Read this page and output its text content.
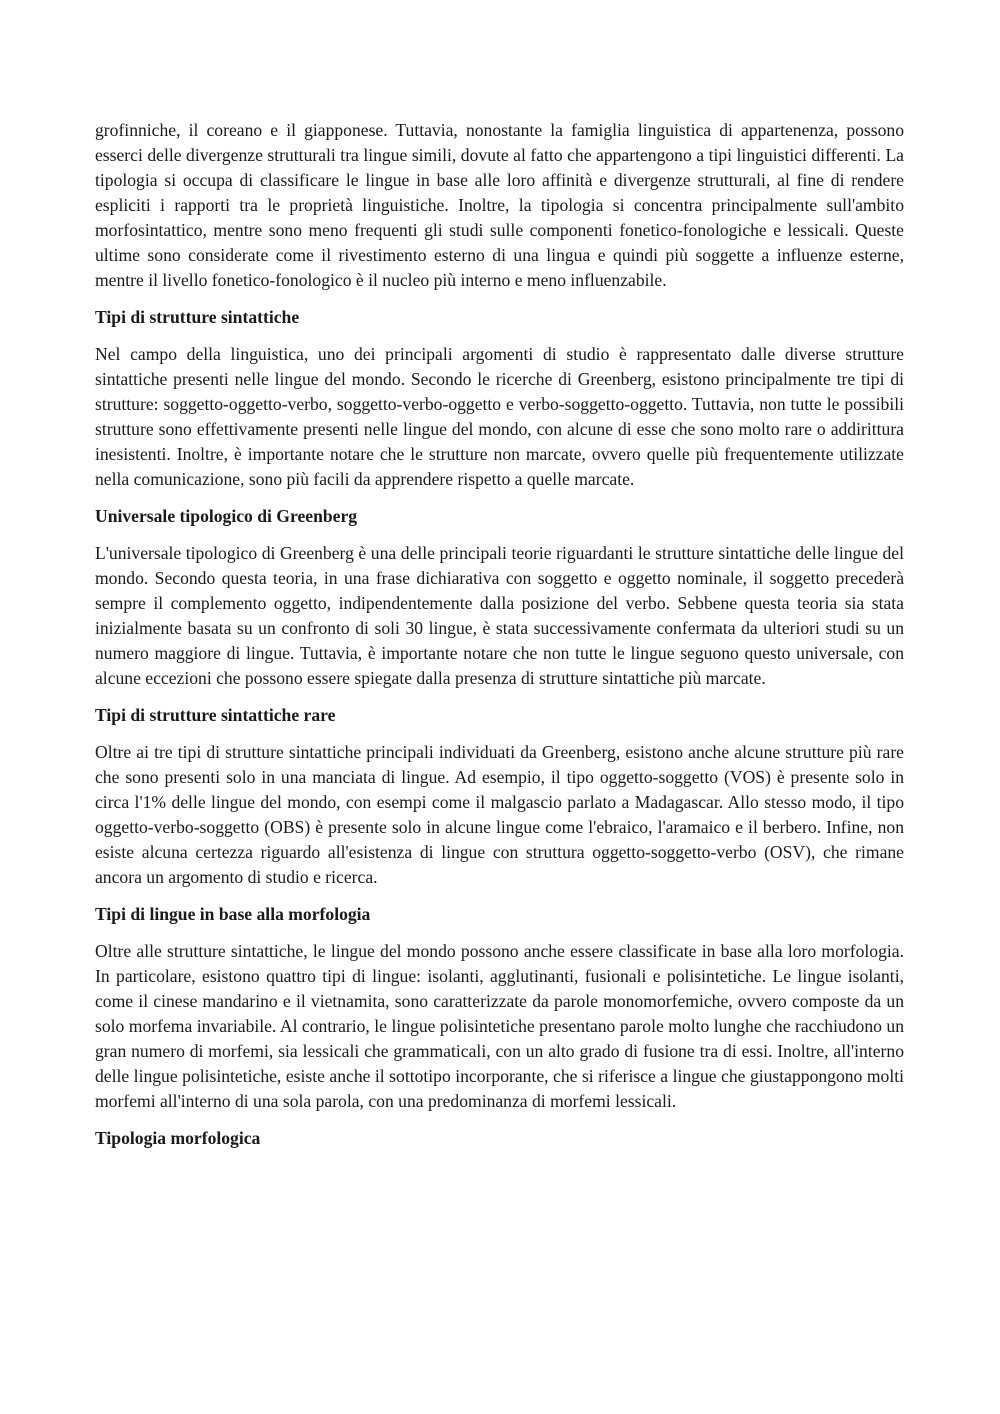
grofinniche, il coreano e il giapponese. Tuttavia, nonostante la famiglia linguistica di appartenenza, possono esserci delle divergenze strutturali tra lingue simili, dovute al fatto che appartengono a tipi linguistici differenti. La tipologia si occupa di classificare le lingue in base alle loro affinità e divergenze strutturali, al fine di rendere espliciti i rapporti tra le proprietà linguistiche. Inoltre, la tipologia si concentra principalmente sull'ambito morfosintattico, mentre sono meno frequenti gli studi sulle componenti fonetico-fonologiche e lessicali. Queste ultime sono considerate come il rivestimento esterno di una lingua e quindi più soggette a influenze esterne, mentre il livello fonetico-fonologico è il nucleo più interno e meno influenzabile.

Tipi di strutture sintattiche

Nel campo della linguistica, uno dei principali argomenti di studio è rappresentato dalle diverse strutture sintattiche presenti nelle lingue del mondo. Secondo le ricerche di Greenberg, esistono principalmente tre tipi di strutture: soggetto-oggetto-verbo, soggetto-verbo-oggetto e verbo-soggetto-oggetto. Tuttavia, non tutte le possibili strutture sono effettivamente presenti nelle lingue del mondo, con alcune di esse che sono molto rare o addirittura inesistenti. Inoltre, è importante notare che le strutture non marcate, ovvero quelle più frequentemente utilizzate nella comunicazione, sono più facili da apprendere rispetto a quelle marcate.

Universale tipologico di Greenberg

L'universale tipologico di Greenberg è una delle principali teorie riguardanti le strutture sintattiche delle lingue del mondo. Secondo questa teoria, in una frase dichiarativa con soggetto e oggetto nominale, il soggetto precederà sempre il complemento oggetto, indipendentemente dalla posizione del verbo. Sebbene questa teoria sia stata inizialmente basata su un confronto di soli 30 lingue, è stata successivamente confermata da ulteriori studi su un numero maggiore di lingue. Tuttavia, è importante notare che non tutte le lingue seguono questo universale, con alcune eccezioni che possono essere spiegate dalla presenza di strutture sintattiche più marcate.

Tipi di strutture sintattiche rare

Oltre ai tre tipi di strutture sintattiche principali individuati da Greenberg, esistono anche alcune strutture più rare che sono presenti solo in una manciata di lingue. Ad esempio, il tipo oggetto-soggetto (VOS) è presente solo in circa l'1% delle lingue del mondo, con esempi come il malgascio parlato a Madagascar. Allo stesso modo, il tipo oggetto-verbo-soggetto (OBS) è presente solo in alcune lingue come l'ebraico, l'aramaico e il berbero. Infine, non esiste alcuna certezza riguardo all'esistenza di lingue con struttura oggetto-soggetto-verbo (OSV), che rimane ancora un argomento di studio e ricerca.

Tipi di lingue in base alla morfologia

Oltre alle strutture sintattiche, le lingue del mondo possono anche essere classificate in base alla loro morfologia. In particolare, esistono quattro tipi di lingue: isolanti, agglutinanti, fusionali e polisintetiche. Le lingue isolanti, come il cinese mandarino e il vietnamita, sono caratterizzate da parole monomorfemiche, ovvero composte da un solo morfema invariabile. Al contrario, le lingue polisintetiche presentano parole molto lunghe che racchiudono un gran numero di morfemi, sia lessicali che grammaticali, con un alto grado di fusione tra di essi. Inoltre, all'interno delle lingue polisintetiche, esiste anche il sottotipo incorporante, che si riferisce a lingue che giustappongono molti morfemi all'interno di una sola parola, con una predominanza di morfemi lessicali.

Tipologia morfologica
